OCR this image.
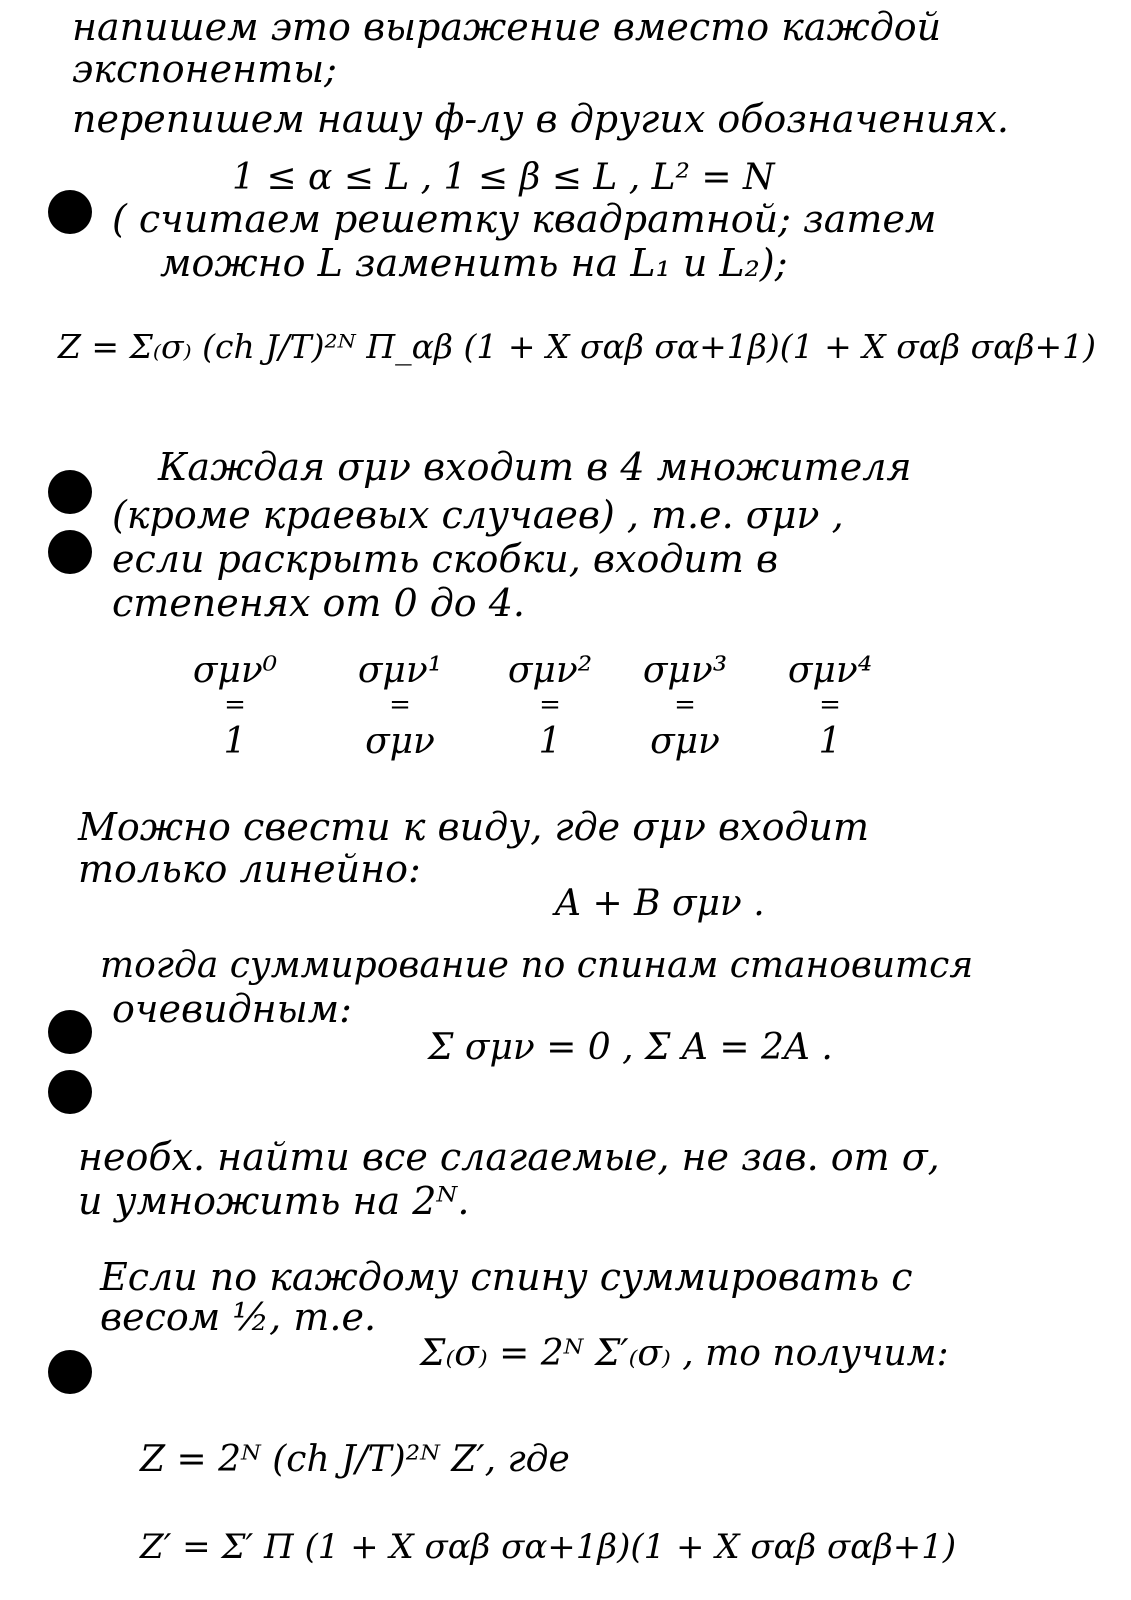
напишем это выражение вместо каждой
экспоненты;
перепишем нашу ф-лу в других обозначениях.
1 ≤ α ≤ L , 1 ≤ β ≤ L , L² = N
( считаем решетку квадратной; затем
можно L заменить на L₁ и L₂);
Z = Σ₍σ₎ (ch J/T)²ᴺ Π_αβ (1 + X σαβ σα+1β)(1 + X σαβ σαβ+1)
Каждая σμν входит в 4 множителя
(кроме краевых случаев) , т.е. σμν ,
если раскрыть скобки, входит в
степенях от 0 до 4.
σμν⁰
=
1
σμν¹
=
σμν
σμν²
=
1
σμν³
=
σμν
σμν⁴
=
1
Можно свести к виду, где σμν входит
только линейно:
A + B σμν .
тогда суммирование по спинам становится
очевидным:
Σ σμν = 0 , Σ A = 2A .
необх. найти все слагаемые, не зав. от σ,
и умножить на 2ᴺ.
Если по каждому спину суммировать с
весом ½, т.е.
Σ₍σ₎ = 2ᴺ Σ′₍σ₎ , то получим:
Z = 2ᴺ (ch J/T)²ᴺ Z′, где
Z′ = Σ′ Π (1 + X σαβ σα+1β)(1 + X σαβ σαβ+1)
